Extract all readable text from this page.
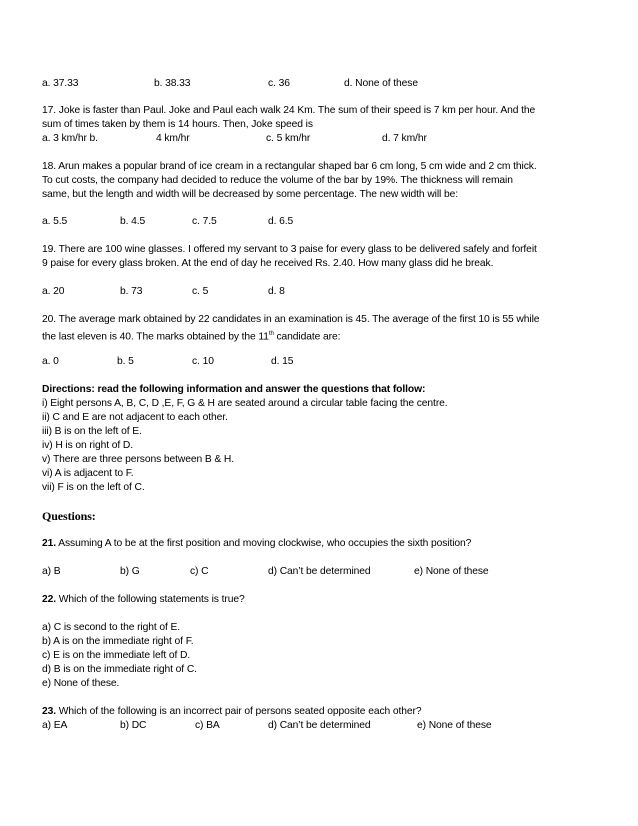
a. 37.33	b. 38.33	c. 36	d. None of these
17. Joke is faster than Paul. Joke and Paul each walk 24 Km. The sum of their speed is 7 km per hour. And the
sum of times taken by them is 14 hours. Then, Joke speed is
a. 3 km/hr b.	4 km/hr	c. 5 km/hr	d. 7 km/hr
18. Arun makes a popular brand of ice cream in a rectangular shaped bar 6 cm long, 5 cm wide and 2 cm thick.
To cut costs, the company had decided to reduce the volume of the bar by 19%. The thickness will remain
same, but the length and width will be decreased by some percentage. The new width will be:
a. 5.5	b. 4.5	c. 7.5	d. 6.5
19. There are 100 wine glasses. I offered my servant to 3 paise for every glass to be delivered safely and forfeit
9 paise for every glass broken. At the end of day he received Rs. 2.40. How many glass did he break.
a. 20	b. 73	c. 5	d. 8
20. The average mark obtained by 22 candidates in an examination is 45. The average of the first 10 is 55 while
the last eleven is 40. The marks obtained by the 11th candidate are:
a. 0	b. 5	c. 10	d. 15
Directions: read the following information and answer the questions that follow:
i) Eight persons A, B, C, D ,E, F, G & H are seated around a circular table facing the centre.
ii) C and E are not adjacent to each other.
iii) B is on the left of E.
iv) H is on right of D.
v) There are three persons between B & H.
vi) A is adjacent to F.
vii) F is on the left of C.
Questions:
21. Assuming A to be at the first position and moving clockwise, who occupies the sixth position?
a) B	b) G	c) C	d) Can’t be determined	e) None of these
22. Which of the following statements is true?
a) C is second to the right of E.
b) A is on the immediate right of F.
c) E is on the immediate left of D.
d) B is on the immediate right of C.
e) None of these.
23. Which of the following is an incorrect pair of persons seated opposite each other?
a) EA	b) DC	c) BA	d) Can’t be determined	e) None of these
